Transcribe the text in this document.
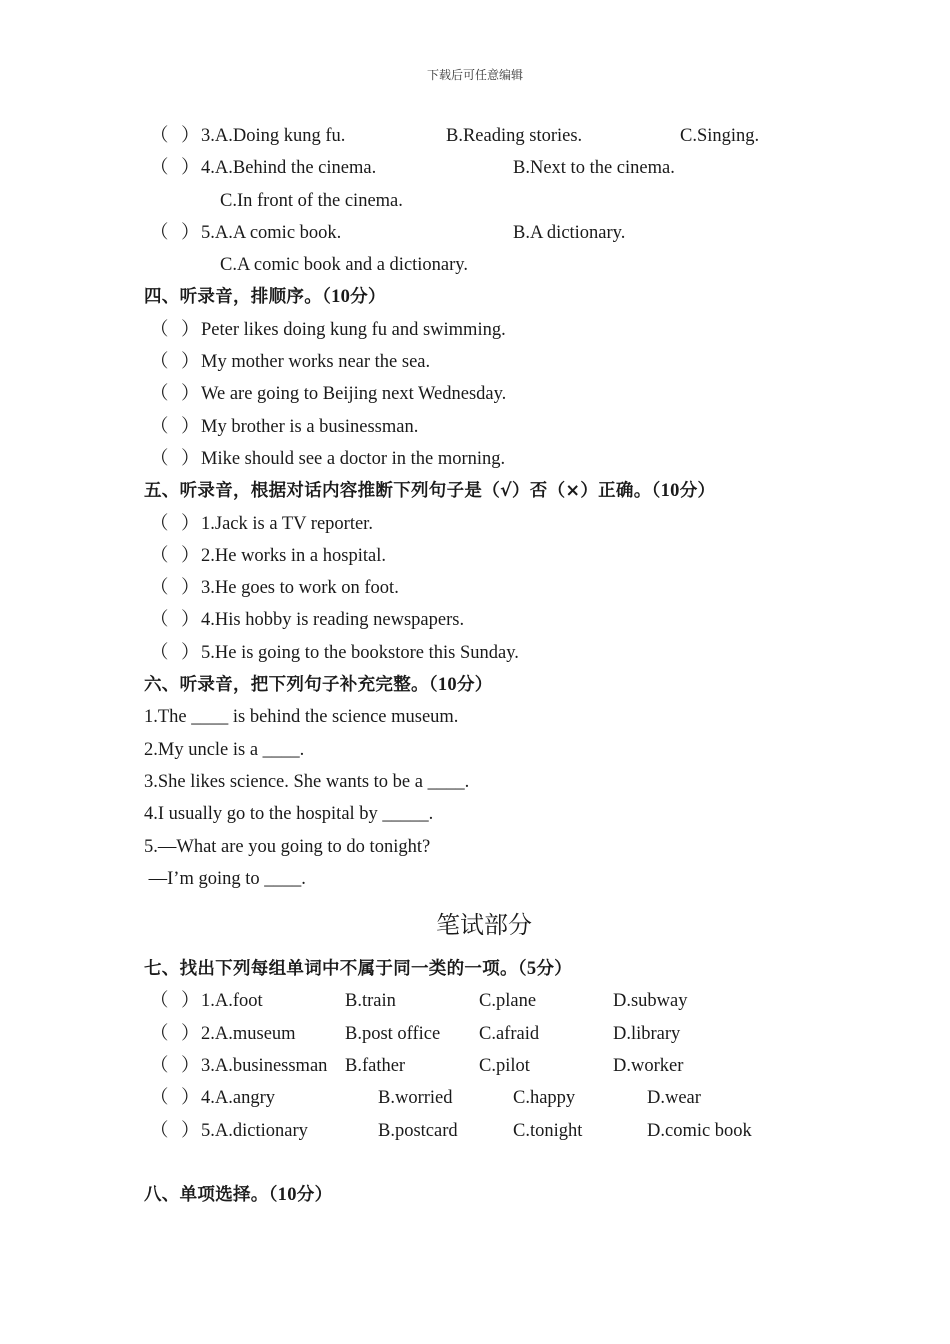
下载后可任意编辑
（ ）3.A.Doing kung fu.	B.Reading stories.	C.Singing.
（ ）4.A.Behind the cinema.	B.Next to the cinema.
C.In front of the cinema.
（ ）5.A.A comic book.	B.A dictionary.
C.A comic book and a dictionary.
四、听录音，排顺序。（10分）
（ ）Peter likes doing kung fu and swimming.
（ ）My mother works near the sea.
（ ）We are going to Beijing next Wednesday.
（ ）My brother is a businessman.
（ ）Mike should see a doctor in the morning.
五、听录音，根据对话内容推断下列句子是（√）否（×）正确。（10分）
（ ）1.Jack is a TV reporter.
（ ）2.He works in a hospital.
（ ）3.He goes to work on foot.
（ ）4.His hobby is reading newspapers.
（ ）5.He is going to the bookstore this Sunday.
六、听录音，把下列句子补充完整。（10分）
1.The ____ is behind the science museum.
2.My uncle is a ____.
3.She likes science. She wants to be a ____.
4.I usually go to the hospital by _____.
5.—What are you going to do tonight?
—I’m going to ____.
笔试部分
七、找出下列每组单词中不属于同一类的一项。（5分）
（ ）1.A.foot	B.train	C.plane	D.subway
（ ）2.A.museum	B.post office C.afraid	D.library
（ ）3.A.businessman B.father	C.pilot	D.worker
（ ）4.A.angry	B.worried	C.happy	D.wear
（ ）5.A.dictionary	B.postcard	C.tonight	D.comic book
八、单项选择。（10分）
